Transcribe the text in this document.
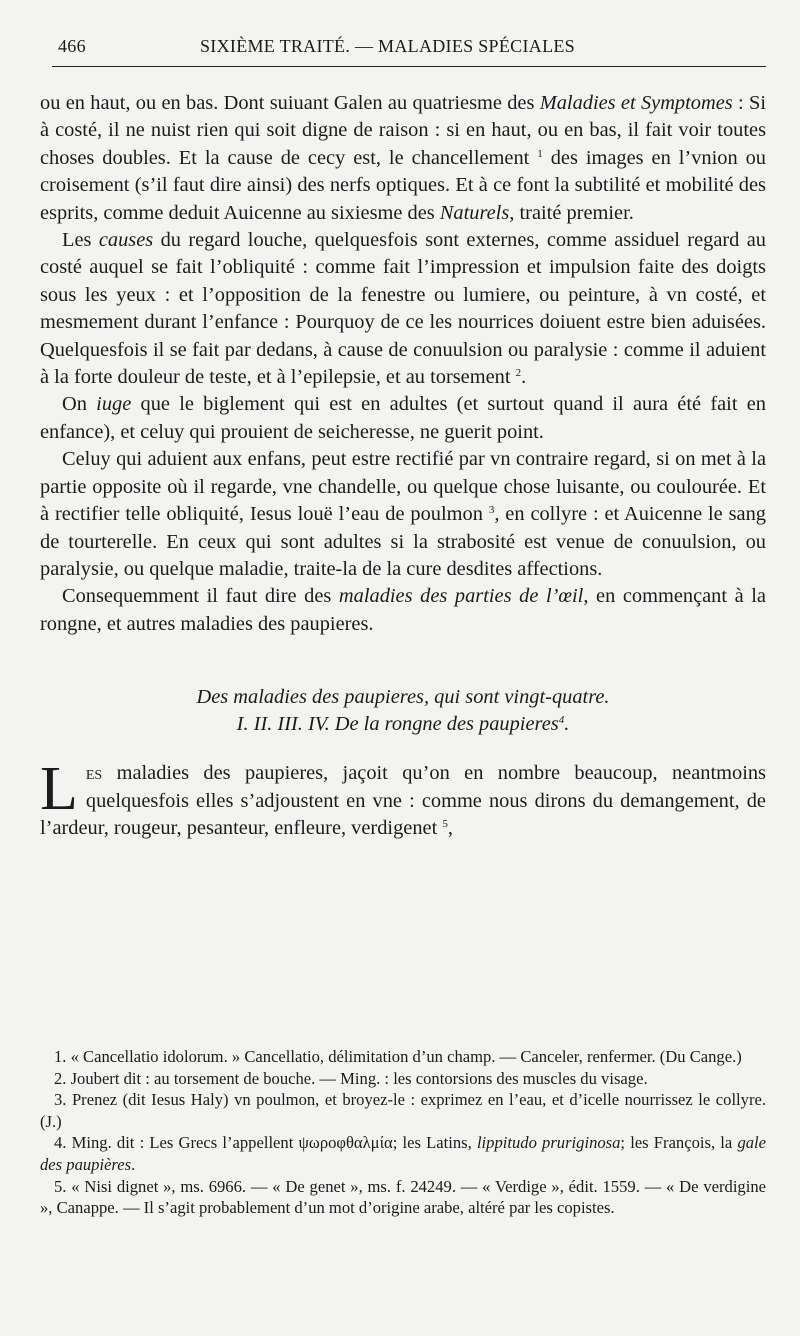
466	SIXIÈME TRAITÉ. — MALADIES SPÉCIALES

ou en haut, ou en bas. Dont suiuant Galen au quatriesme des Maladies et Symptomes : Si à costé, il ne nuist rien qui soit digne de raison : si en haut, ou en bas, il fait voir toutes choses doubles. Et la cause de cecy est, le chancellement $^1$ des images en l’vnion ou croisement (s’il faut dire ainsi) des nerfs optiques. Et à ce font la subtilité et mobilité des esprits, comme deduit Auicenne au sixiesme des Naturels, traité premier.

Les causes du regard louche, quelquesfois sont externes, comme assiduel regard au costé auquel se fait l’obliquité : comme fait l’impression et impulsion faite des doigts sous les yeux : et l’opposition de la fenestre ou lumiere, ou peinture, à vn costé, et mesmement durant l’enfance : Pourquoy de ce les nourrices doiuent estre bien aduisées. Quelquesfois il se fait par dedans, à cause de conuulsion ou paralysie : comme il aduient à la forte douleur de teste, et à l’epilepsie, et au torsement $^2$.

On iuge que le biglement qui est en adultes (et surtout quand il aura été fait en enfance), et celuy qui prouient de seicheresse, ne guerit point.

Celuy qui aduient aux enfans, peut estre rectifié par vn contraire regard, si on met à la partie opposite où il regarde, vne chandelle, ou quelque chose luisante, ou coulourée. Et à rectifier telle obliquité, Iesus louë l’eau de poulmon $^3$, en collyre : et Auicenne le sang de tourterelle. En ceux qui sont adultes si la strabosité est venue de conuulsion, ou paralysie, ou quelque maladie, traite-la de la cure desdites affections.

Consequemment il faut dire des maladies des parties de l’œil, en commençant à la rongne, et autres maladies des paupieres.

Des maladies des paupieres, qui sont vingt-quatre.
I. II. III. IV. De la rongne des paupieres$^4$.

Les maladies des paupieres, jaçoit qu’on en nombre beaucoup, neantmoins quelquesfois elles s’adjoustent en vne : comme nous dirons du demangement, de l’ardeur, rougeur, pesanteur, enfleure, verdigenet $^5$,

1. « Cancellatio idolorum. » Cancellatio, délimitation d’un champ. — Canceler, renfermer. (Du Cange.)

2. Joubert dit : au torsement de bouche. — Ming. : les contorsions des muscles du visage.

3. Prenez (dit Iesus Haly) vn poulmon, et broyez-le : exprimez en l’eau, et d’icelle nourrissez le collyre. (J.)

4. Ming. dit : Les Grecs l’appellent ψωροφθαλμία; les Latins, lippitudo pruriginosa; les François, la gale des paupières.

5. « Nisi dignet », ms. 6966. — « De genet », ms. f. 24249. — « Verdige », édit. 1559. — « De verdigine », Canappe. — Il s’agit probablement d’un mot d’origine arabe, altéré par les copistes.
